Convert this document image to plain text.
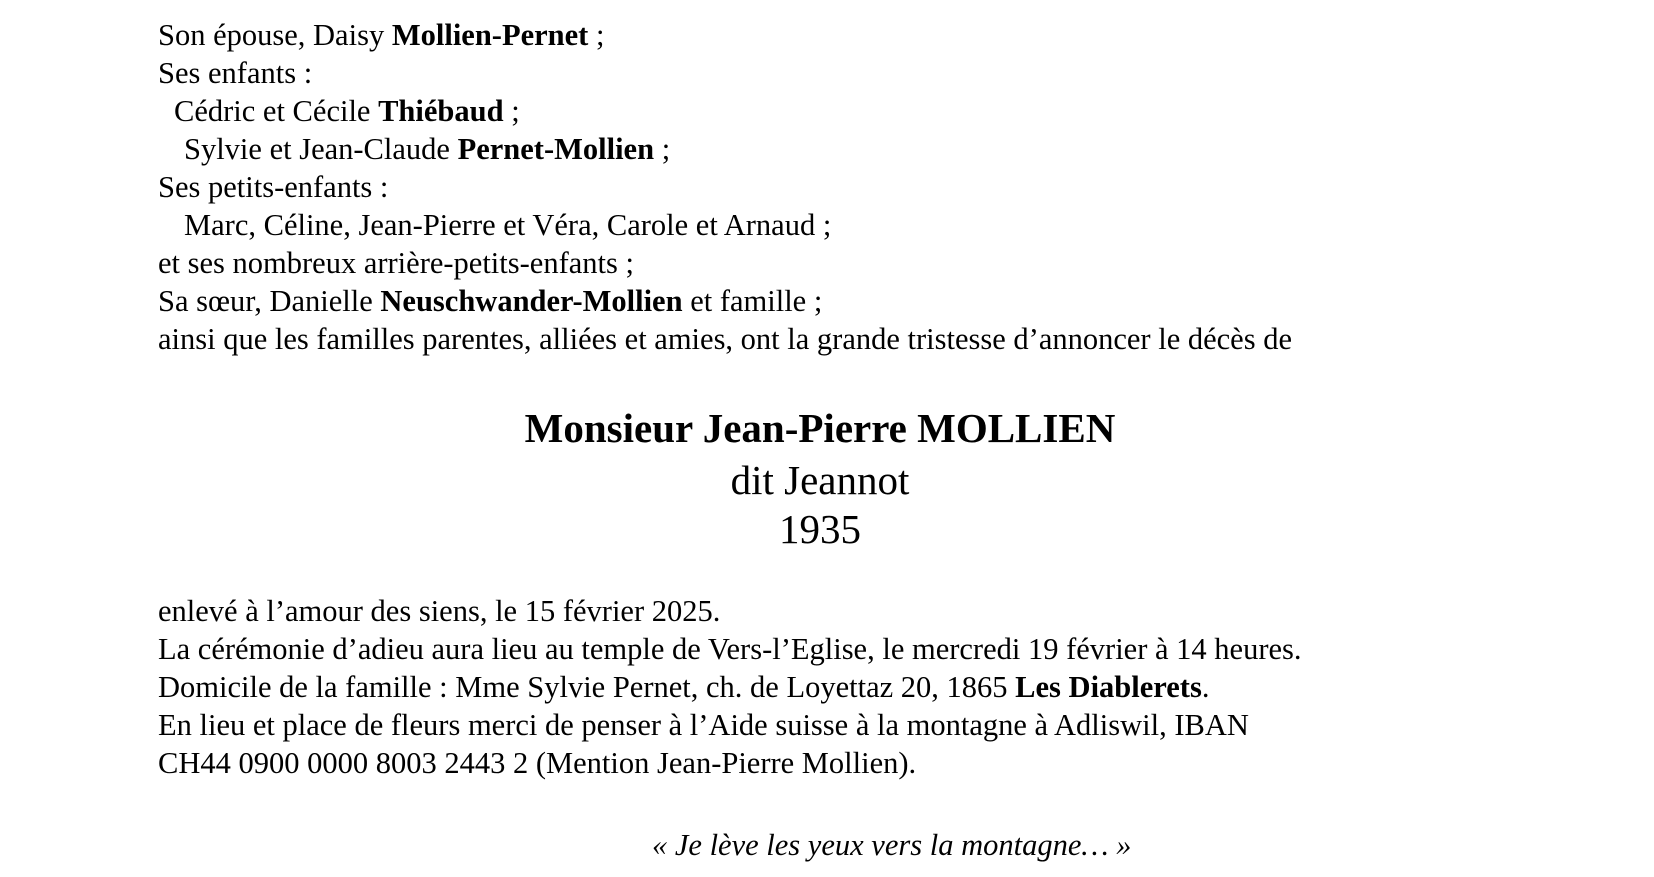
Son épouse, Daisy Mollien-Pernet ;
Ses enfants :
Cédric et Cécile Thiébaud ;
Sylvie et Jean-Claude Pernet-Mollien ;
Ses petits-enfants :
Marc, Céline, Jean-Pierre et Véra, Carole et Arnaud ;
et ses nombreux arrière-petits-enfants ;
Sa sœur, Danielle Neuschwander-Mollien et famille ;
ainsi que les familles parentes, alliées et amies, ont la grande tristesse d’annoncer le décès de
Monsieur Jean-Pierre MOLLIEN
dit Jeannot
1935
enlevé à l’amour des siens, le 15 février 2025.
La cérémonie d’adieu aura lieu au temple de Vers-l’Eglise, le mercredi 19 février à 14 heures.
Domicile de la famille : Mme Sylvie Pernet, ch. de Loyettaz 20, 1865 Les Diablerets.
En lieu et place de fleurs merci de penser à l’Aide suisse à la montagne à Adliswil, IBAN
CH44 0900 0000 8003 2443 2 (Mention Jean-Pierre Mollien).
« Je lève les yeux vers la montagne… »
